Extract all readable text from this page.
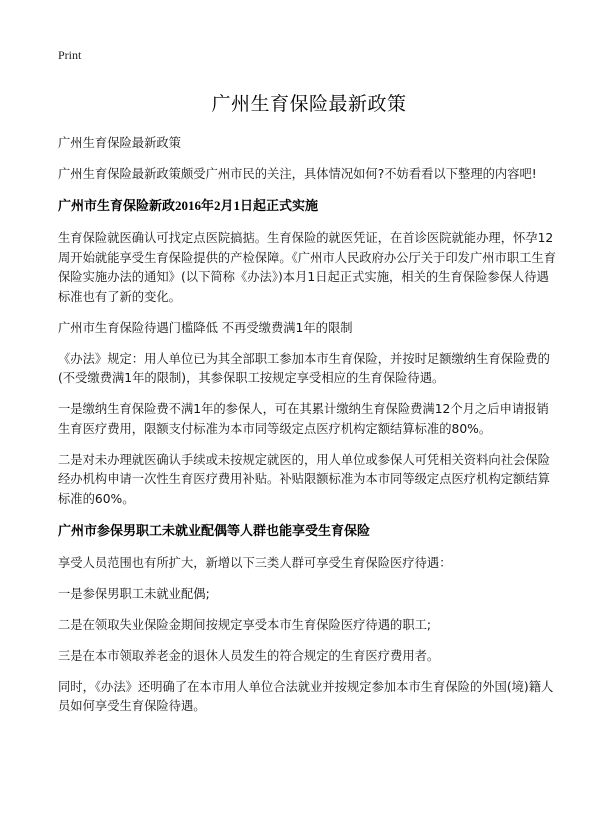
Print
广州生育保险最新政策

广州生育保险最新政策

广州生育保险最新政策颇受广州市民的关注，具体情况如何?不妨看看以下整理的内容吧!

广州市生育保险新政2016年2月1日起正式实施

生育保险就医确认可找定点医院搞掂。生育保险的就医凭证，在首诊医院就能办理，怀孕12周开始就能享受生育保险提供的产检保障。《广州市人民政府办公厅关于印发广州市职工生育保险实施办法的通知》(以下简称《办法》)本月1日起正式实施，相关的生育保险参保人待遇标准也有了新的变化。

广州市生育保险待遇门槛降低 不再受缴费满1年的限制

《办法》规定：用人单位已为其全部职工参加本市生育保险，并按时足额缴纳生育保险费的(不受缴费满1年的限制)，其参保职工按规定享受相应的生育保险待遇。

一是缴纳生育保险费不满1年的参保人，可在其累计缴纳生育保险费满12个月之后申请报销生育医疗费用，限额支付标准为本市同等级定点医疗机构定额结算标准的80%。

二是对未办理就医确认手续或未按规定就医的，用人单位或参保人可凭相关资料向社会保险经办机构申请一次性生育医疗费用补贴。补贴限额标准为本市同等级定点医疗机构定额结算标准的60%。

广州市参保男职工未就业配偶等人群也能享受生育保险

享受人员范围也有所扩大，新增以下三类人群可享受生育保险医疗待遇：

一是参保男职工未就业配偶;

二是在领取失业保险金期间按规定享受本市生育保险医疗待遇的职工;

三是在本市领取养老金的退休人员发生的符合规定的生育医疗费用者。

同时，《办法》还明确了在本市用人单位合法就业并按规定参加本市生育保险的外国(境)籍人员如何享受生育保险待遇。
